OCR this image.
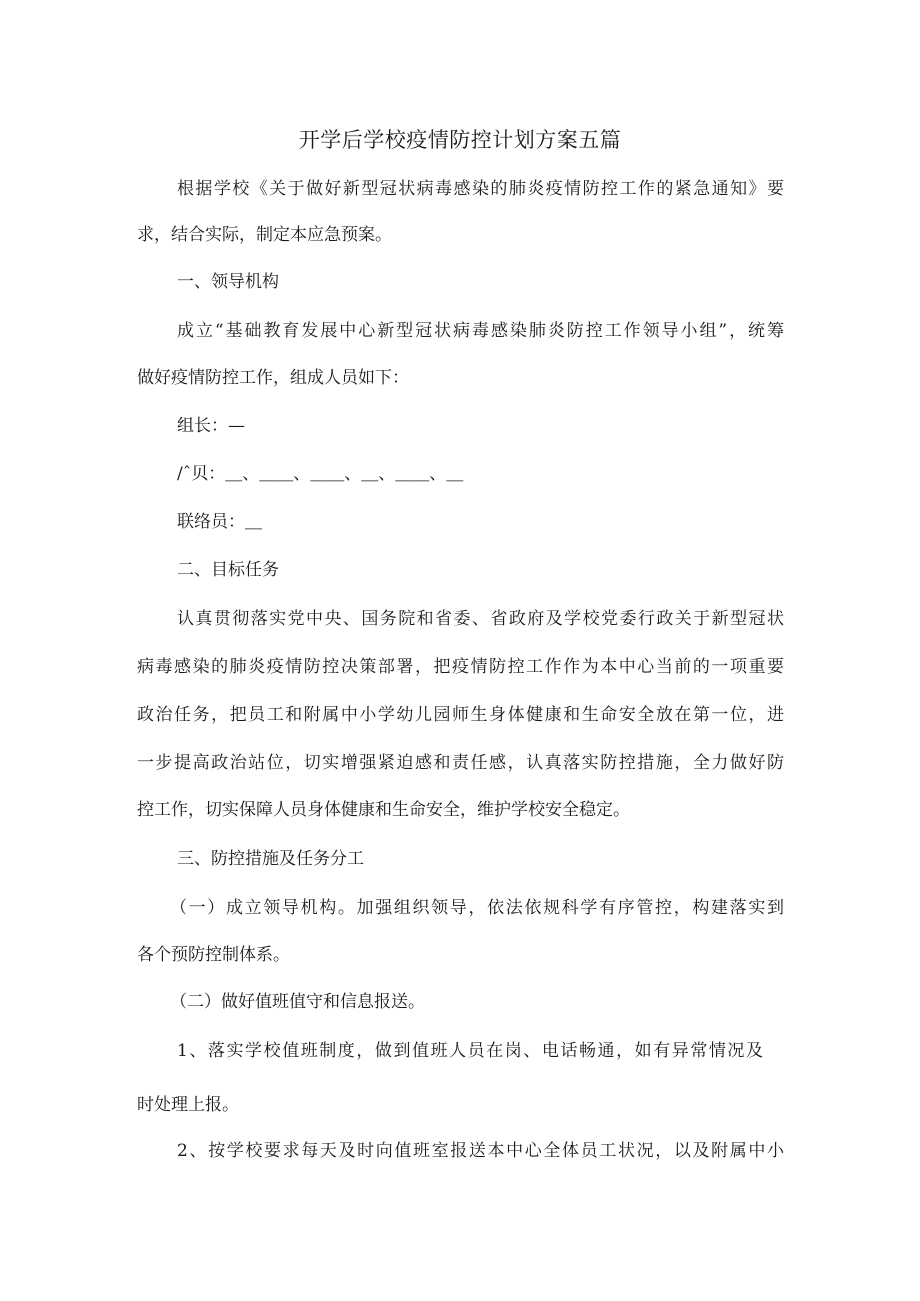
开学后学校疫情防控计划方案五篇
根据学校《关于做好新型冠状病毒感染的肺炎疫情防控工作的紧急通知》要
求，结合实际，制定本应急预案。
一、领导机构
成立“基础教育发展中心新型冠状病毒感染肺炎防控工作领导小组”，统筹
做好疫情防控工作，组成人员如下：
组长：—
/ˆ贝：＿、＿＿、＿＿、＿、＿＿、＿
联络员：＿
二、目标任务
认真贯彻落实党中央、国务院和省委、省政府及学校党委行政关于新型冠状
病毒感染的肺炎疫情防控决策部署，把疫情防控工作作为本中心当前的一项重要
政治任务，把员工和附属中小学幼儿园师生身体健康和生命安全放在第一位，进
一步提高政治站位，切实增强紧迫感和责任感，认真落实防控措施，全力做好防
控工作，切实保障人员身体健康和生命安全，维护学校安全稳定。
三、防控措施及任务分工
（一）成立领导机构。加强组织领导，依法依规科学有序管控，构建落实到
各个预防控制体系。
（二）做好值班值守和信息报送。
1、落实学校值班制度，做到值班人员在岗、电话畅通，如有异常情况及
时处理上报。
2、按学校要求每天及时向值班室报送本中心全体员工状况，以及附属中小
